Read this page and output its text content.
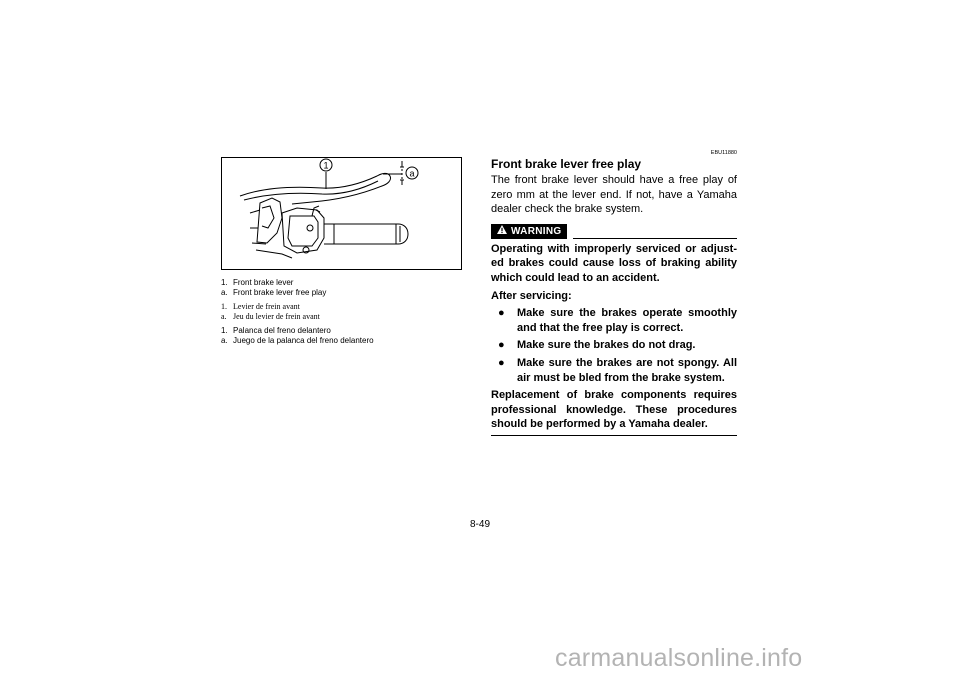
1
a
1. Front brake lever
a. Front brake lever free play
1. Levier de frein avant
a. Jeu du levier de frein avant
1. Palanca del freno delantero
a. Juego de la palanca del freno delantero
EBU11880
Front brake lever free play
The front brake lever should have a free play of zero mm at the lever end. If not, have a Yamaha dealer check the brake system.
WARNING
Operating with improperly serviced or adjust-ed brakes could cause loss of braking ability which could lead to an accident.
After servicing:
●	Make sure the brakes operate smoothly and that the free play is correct.
●	Make sure the brakes do not drag.
●	Make sure the brakes are not spongy. All air must be bled from the brake system.
Replacement of brake components requires professional knowledge. These procedures should be performed by a Yamaha dealer.
8-49
carmanualsonline.info
